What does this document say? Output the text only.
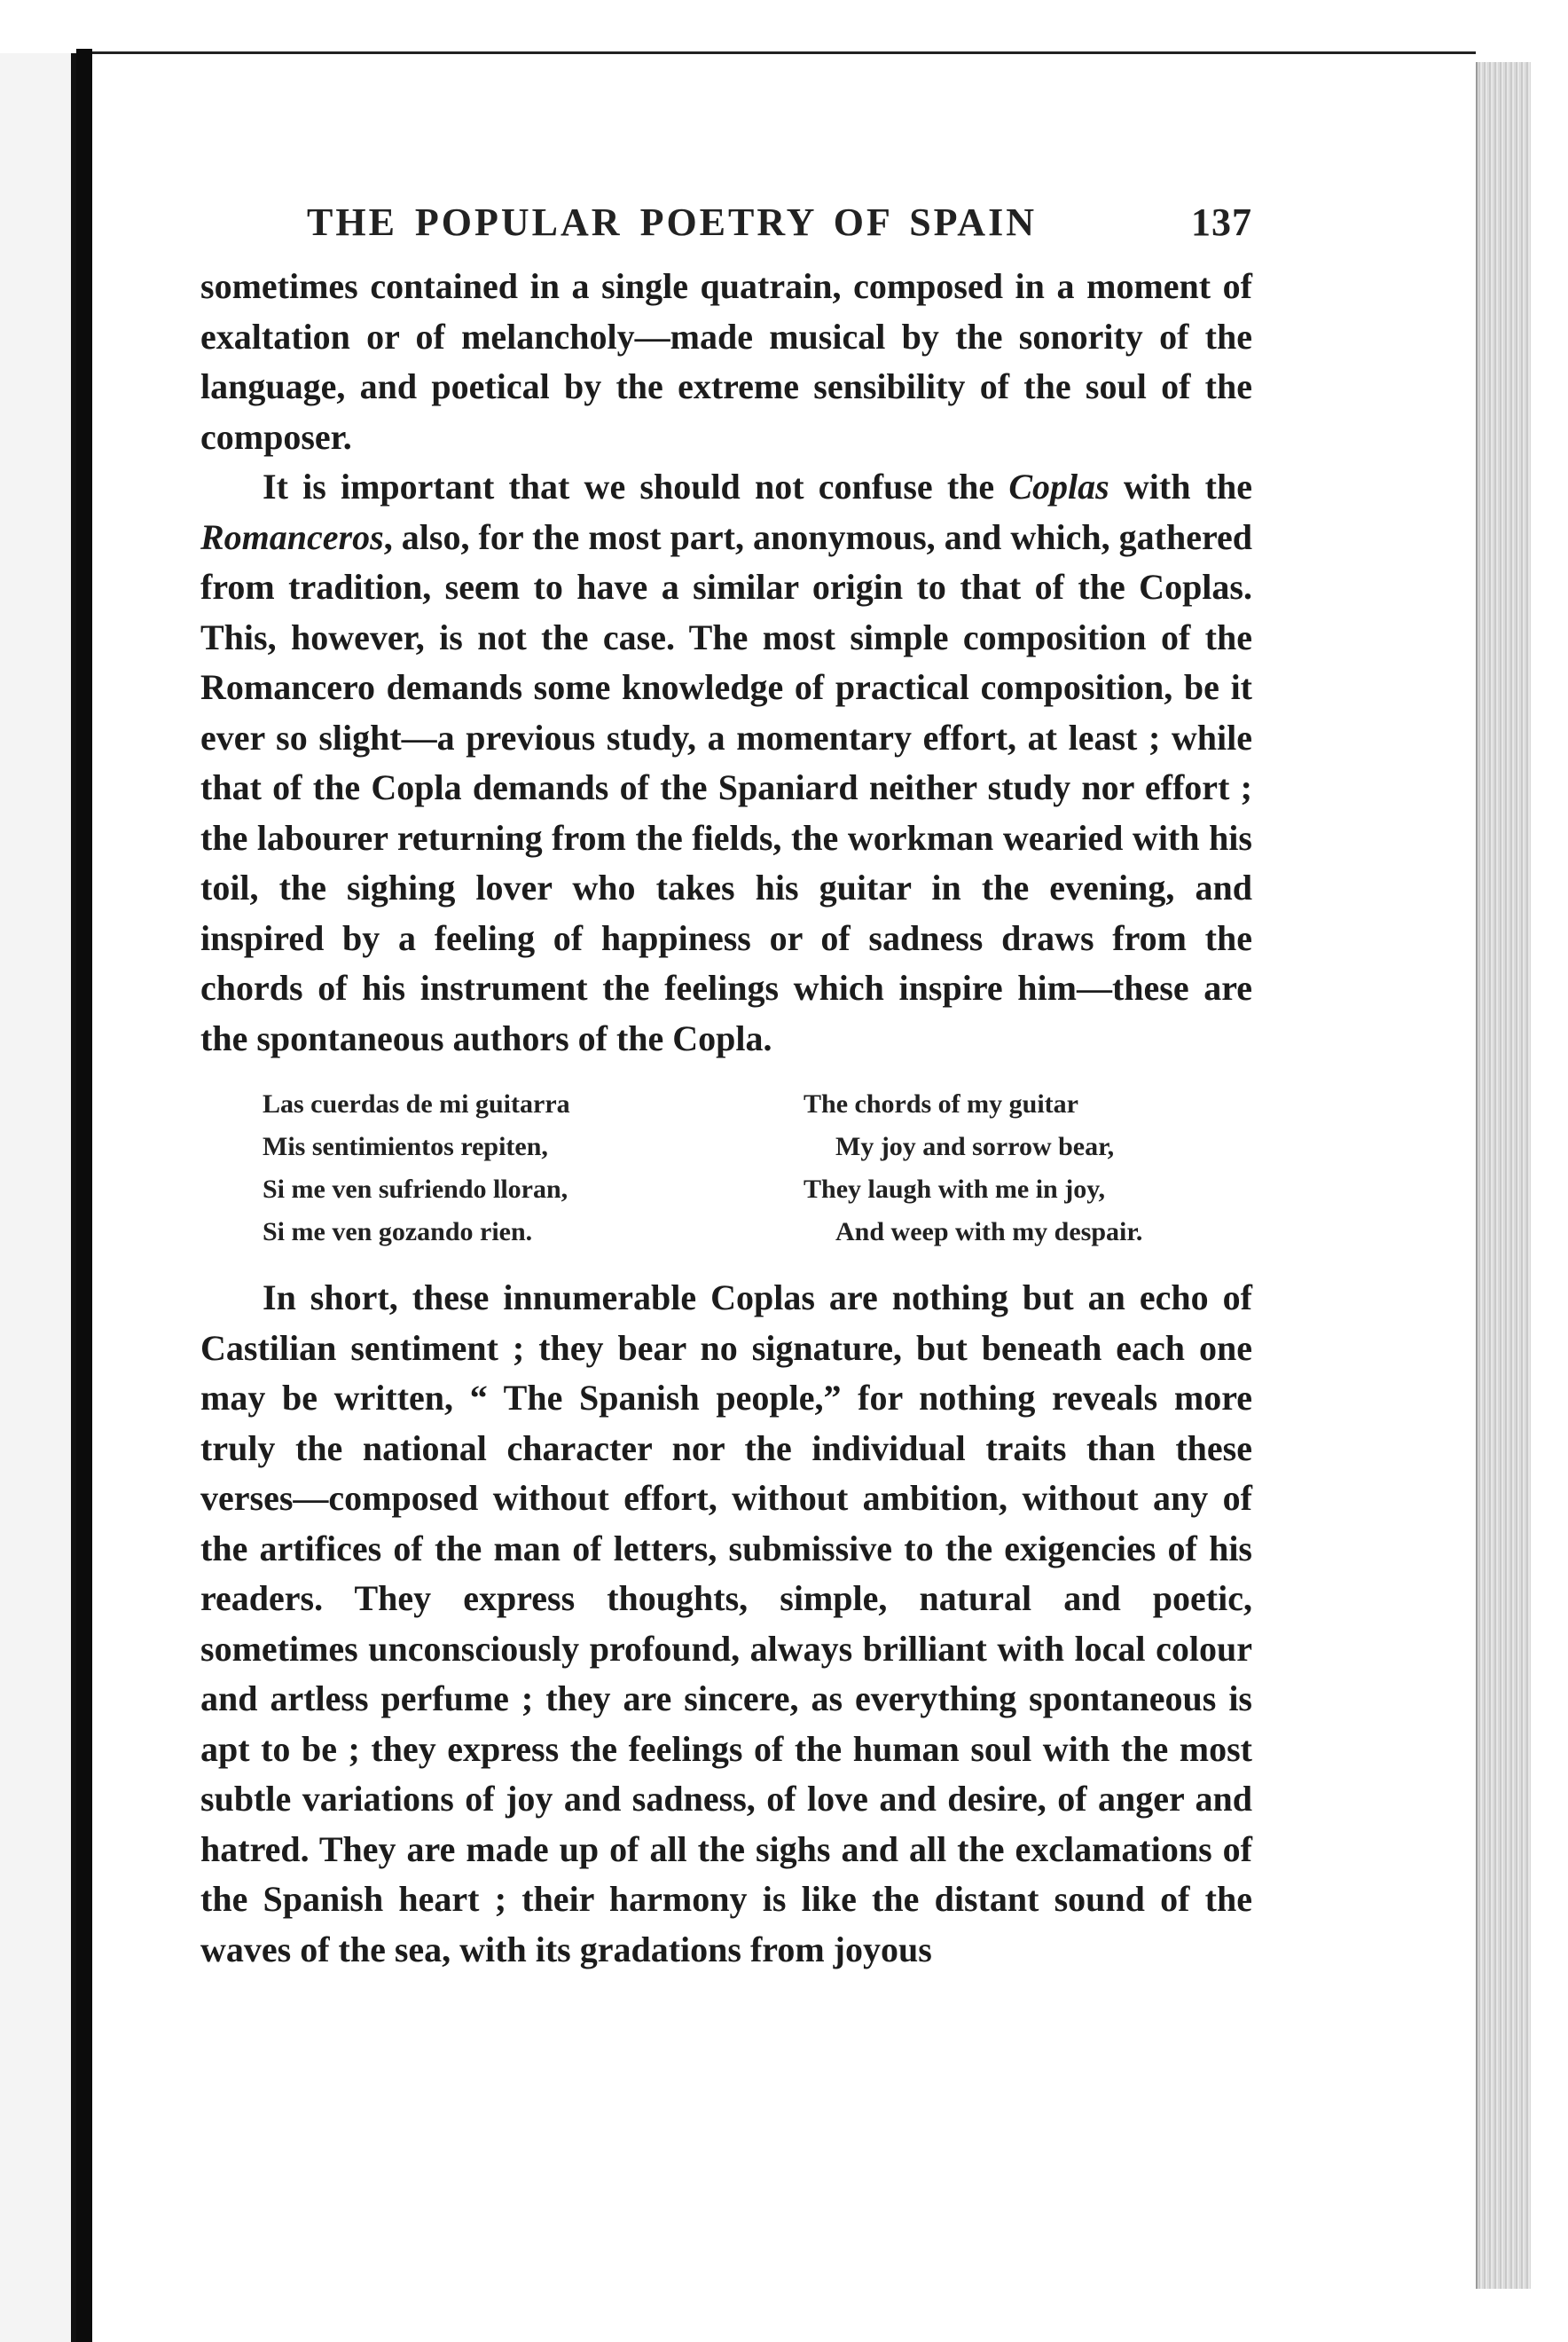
THE POPULAR POETRY OF SPAIN	137

sometimes contained in a single quatrain, composed in a moment of exaltation or of melancholy—made musical by the sonority of the language, and poetical by the extreme sensibility of the soul of the composer.

It is important that we should not confuse the Coplas with the Romanceros, also, for the most part, anonymous, and which, gathered from tradition, seem to have a similar origin to that of the Coplas. This, however, is not the case. The most simple composition of the Romancero demands some knowledge of practical composition, be it ever so slight—a previous study, a momentary effort, at least ; while that of the Copla demands of the Spaniard neither study nor effort ; the labourer returning from the fields, the workman wearied with his toil, the sighing lover who takes his guitar in the evening, and inspired by a feeling of happiness or of sadness draws from the chords of his instrument the feelings which inspire him—these are the spontaneous authors of the Copla.

Las cuerdas de mi guitarra
Mis sentimientos repiten,
Si me ven sufriendo lloran,
Si me ven gozando rien.
The chords of my guitar
My joy and sorrow bear,
They laugh with me in joy,
And weep with my despair.

In short, these innumerable Coplas are nothing but an echo of Castilian sentiment ; they bear no signature, but beneath each one may be written, “ The Spanish people,” for nothing reveals more truly the national character nor the individual traits than these verses—composed without effort, without ambition, without any of the artifices of the man of letters, submissive to the exigencies of his readers. They express thoughts, simple, natural and poetic, sometimes unconsciously profound, always brilliant with local colour and artless perfume ; they are sincere, as everything spontaneous is apt to be ; they express the feelings of the human soul with the most subtle variations of joy and sadness, of love and desire, of anger and hatred. They are made up of all the sighs and all the exclamations of the Spanish heart ; their harmony is like the distant sound of the waves of the sea, with its gradations from joyous
